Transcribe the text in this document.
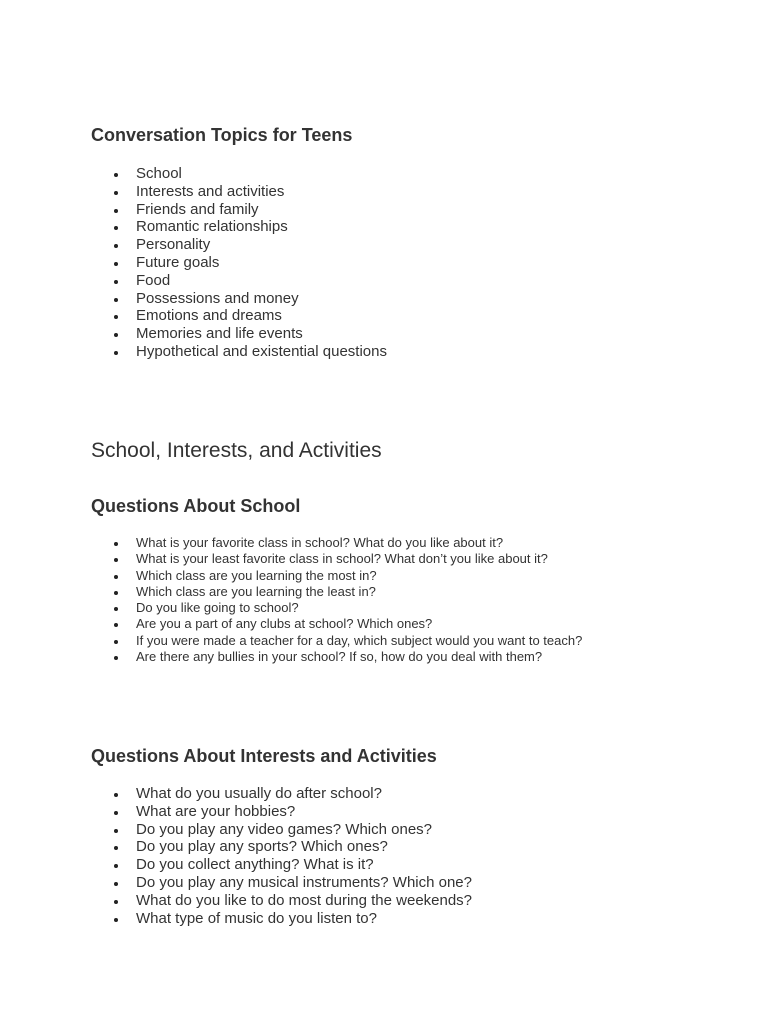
Conversation Topics for Teens
School
Interests and activities
Friends and family
Romantic relationships
Personality
Future goals
Food
Possessions and money
Emotions and dreams
Memories and life events
Hypothetical and existential questions
School, Interests, and Activities
Questions About School
What is your favorite class in school? What do you like about it?
What is your least favorite class in school? What don’t you like about it?
Which class are you learning the most in?
Which class are you learning the least in?
Do you like going to school?
Are you a part of any clubs at school? Which ones?
If you were made a teacher for a day, which subject would you want to teach?
Are there any bullies in your school? If so, how do you deal with them?
Questions About Interests and Activities
What do you usually do after school?
What are your hobbies?
Do you play any video games? Which ones?
Do you play any sports? Which ones?
Do you collect anything? What is it?
Do you play any musical instruments? Which one?
What do you like to do most during the weekends?
What type of music do you listen to?
